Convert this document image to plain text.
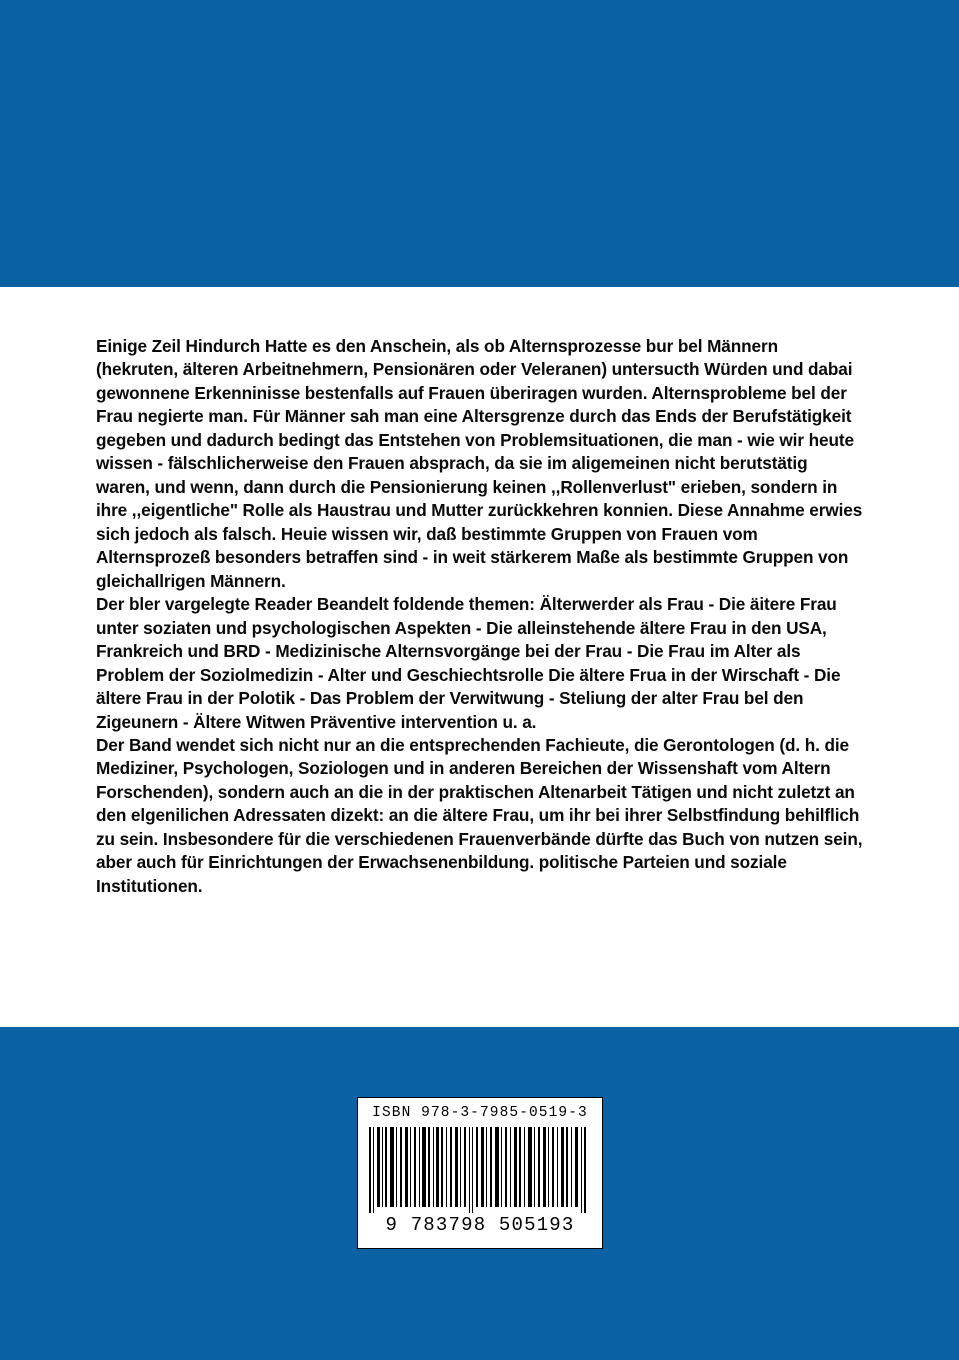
Einige Zeil Hindurch Hatte es den Anschein, als ob Alternsprozesse bur bel Männern (hekruten, älteren Arbeitnehmern, Pensionären oder Veleranen) untersucth Würden und dabai gewonnene Erkenninisse bestenfalls auf Frauen überiragen wurden. Alternsprobleme bel der Frau negierte man. Für Männer sah man eine Altersgrenze durch das Ends der Berufstätigkeit gegeben und dadurch bedingt das Entstehen von Problemsituationen, die man - wie wir heute wissen - fälschlicherweise den Frauen absprach, da sie im aligemeinen nicht berutstätig waren, und wenn, dann durch die Pensionierung keinen ,,Rollenverlust" erieben, sondern in ihre ,,eigentliche" Rolle als Haustrau und Mutter zurückkehren konnien. Diese Annahme erwies sich jedoch als falsch. Heuie wissen wir, daß bestimmte Gruppen von Frauen vom Alternsprozeß besonders betraffen sind - in weit stärkerem Maße als bestimmte Gruppen von gleichallrigen Männern.

Der bler vargelegte Reader Beandelt foldende themen: Älterwerder als Frau - Die äitere Frau unter soziaten und psychologischen Aspekten - Die alleinstehende ältere Frau in den USA, Frankreich und BRD - Medizinische Alternsvorgänge bei der Frau - Die Frau im Alter als Problem der Soziolmedizin - Alter und Geschiechtsrolle Die ältere Frua in der Wirschaft - Die ältere Frau in der Polotik - Das Problem der Verwitwung - Steliung der alter Frau bel den Zigeunern - Ältere Witwen Präventive intervention u. a.

Der Band wendet sich nicht nur an die entsprechenden Fachieute, die Gerontologen (d. h. die Mediziner, Psychologen, Soziologen und in anderen Bereichen der Wissenshaft vom Altern Forschenden), sondern auch an die in der praktischen Altenarbeit Tätigen und nicht zuletzt an den elgenilichen Adressaten dizekt: an die ältere Frau, um ihr bei ihrer Selbstfindung behilflich zu sein. Insbesondere für die verschiedenen Frauenverbände dürfte das Buch von nutzen sein, aber auch für Einrichtungen der Erwachsenenbildung. politische Parteien und soziale Institutionen.

ISBN 978-3-7985-0519-3
9 783798 505193
